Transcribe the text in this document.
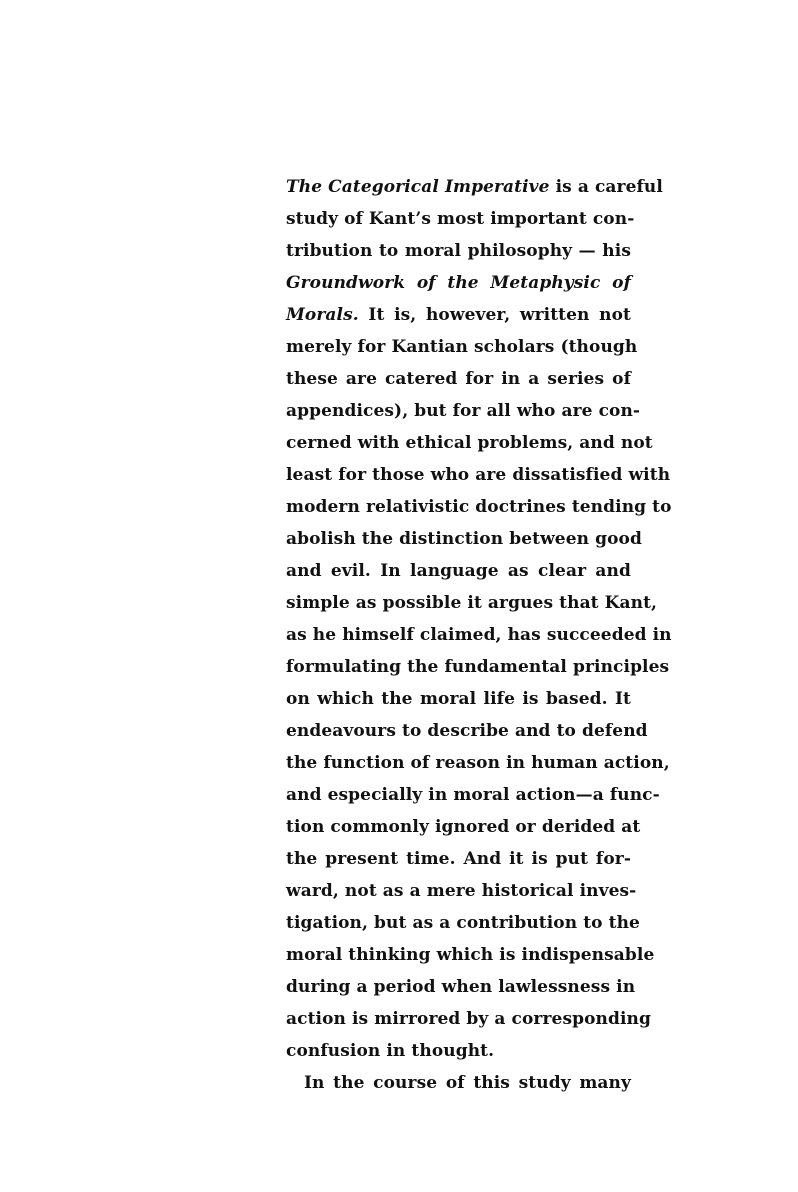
The Categorical Imperative is a careful
study of Kant’s most important con-
tribution to moral philosophy — his
Groundwork of the Metaphysic of
Morals. It is, however, written not
merely for Kantian scholars (though
these are catered for in a series of
appendices), but for all who are con-
cerned with ethical problems, and not
least for those who are dissatisfied with
modern relativistic doctrines tending to
abolish the distinction between good
and evil. In language as clear and
simple as possible it argues that Kant,
as he himself claimed, has succeeded in
formulating the fundamental principles
on which the moral life is based. It
endeavours to describe and to defend
the function of reason in human action,
and especially in moral action—a func-
tion commonly ignored or derided at
the present time. And it is put for-
ward, not as a mere historical inves-
tigation, but as a contribution to the
moral thinking which is indispensable
during a period when lawlessness in
action is mirrored by a corresponding
confusion in thought.
In the course of this study many
